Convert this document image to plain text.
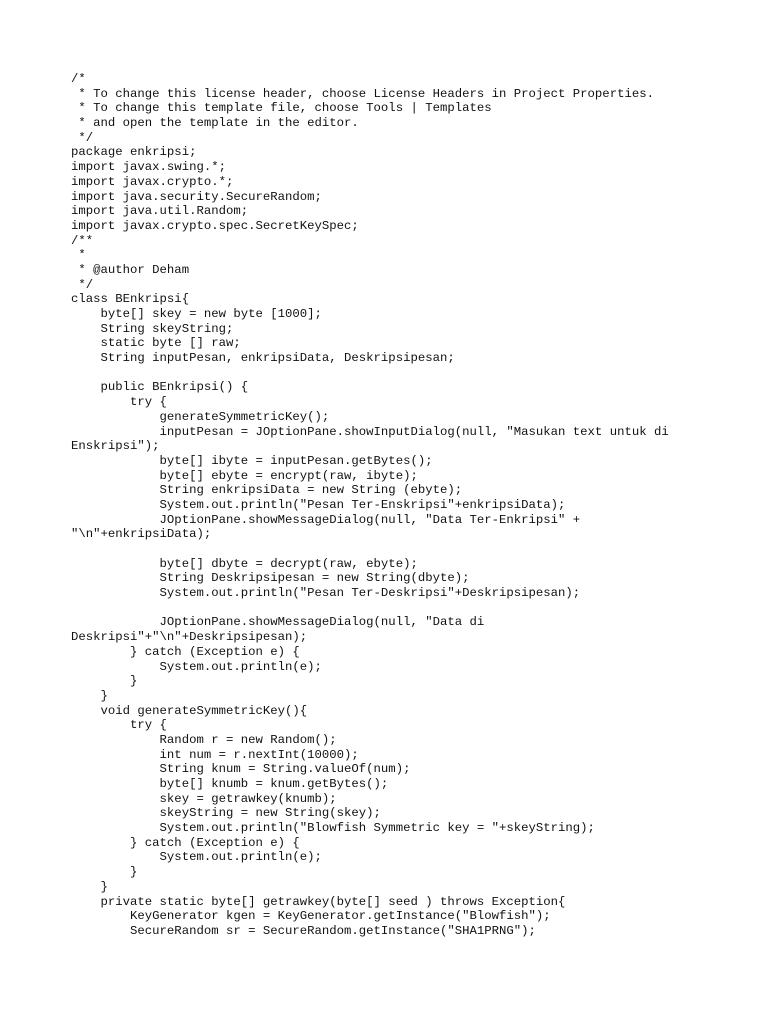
/*
* To change this license header, choose License Headers in Project Properties.
* To change this template file, choose Tools | Templates
* and open the template in the editor.
*/
package enkripsi;
import javax.swing.*;
import javax.crypto.*;
import java.security.SecureRandom;
import java.util.Random;
import javax.crypto.spec.SecretKeySpec;
/**
*
* @author Deham
*/
class BEnkripsi{
byte[] skey = new byte [1000];
String skeyString;
static byte [] raw;
String inputPesan, enkripsiData, Deskripsipesan;
public BEnkripsi() {
try {
generateSymmetricKey();
inputPesan = JOptionPane.showInputDialog(null, "Masukan text untuk di
Enskripsi");
byte[] ibyte = inputPesan.getBytes();
byte[] ebyte = encrypt(raw, ibyte);
String enkripsiData = new String (ebyte);
System.out.println("Pesan Ter-Enskripsi"+enkripsiData);
JOptionPane.showMessageDialog(null, "Data Ter-Enkripsi" +
"\n"+enkripsiData);
byte[] dbyte = decrypt(raw, ebyte);
String Deskripsipesan = new String(dbyte);
System.out.println("Pesan Ter-Deskripsi"+Deskripsipesan);
JOptionPane.showMessageDialog(null, "Data di
Deskripsi"+"\n"+Deskripsipesan);
} catch (Exception e) {
System.out.println(e);
}
}
void generateSymmetricKey(){
try {
Random r = new Random();
int num = r.nextInt(10000);
String knum = String.valueOf(num);
byte[] knumb = knum.getBytes();
skey = getrawkey(knumb);
skeyString = new String(skey);
System.out.println("Blowfish Symmetric key = "+skeyString);
} catch (Exception e) {
System.out.println(e);
}
}
private static byte[] getrawkey(byte[] seed ) throws Exception{
KeyGenerator kgen = KeyGenerator.getInstance("Blowfish");
SecureRandom sr = SecureRandom.getInstance("SHA1PRNG");
